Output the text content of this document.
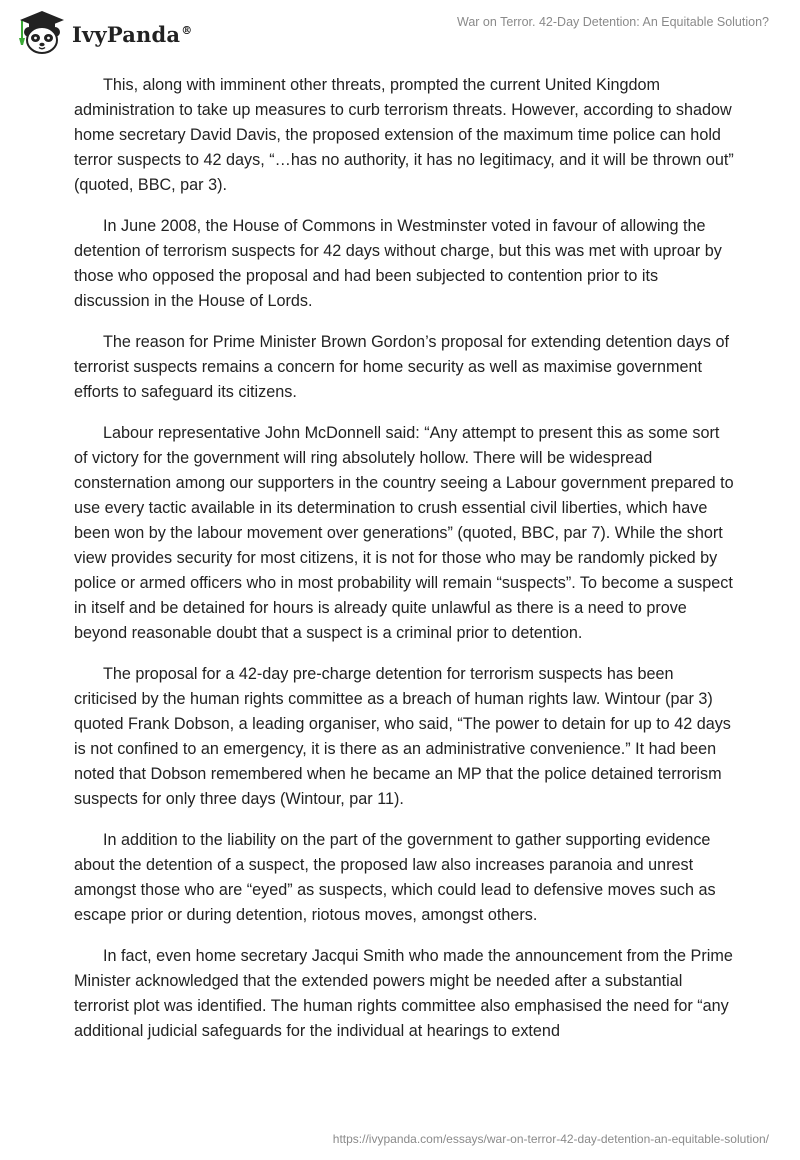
IvyPanda®
War on Terror. 42-Day Detention: An Equitable Solution?

This, along with imminent other threats, prompted the current United Kingdom administration to take up measures to curb terrorism threats. However, according to shadow home secretary David Davis, the proposed extension of the maximum time police can hold terror suspects to 42 days, “…has no authority, it has no legitimacy, and it will be thrown out” (quoted, BBC, par 3).

In June 2008, the House of Commons in Westminster voted in favour of allowing the detention of terrorism suspects for 42 days without charge, but this was met with uproar by those who opposed the proposal and had been subjected to contention prior to its discussion in the House of Lords.

The reason for Prime Minister Brown Gordon’s proposal for extending detention days of terrorist suspects remains a concern for home security as well as maximise government efforts to safeguard its citizens.

Labour representative John McDonnell said: “Any attempt to present this as some sort of victory for the government will ring absolutely hollow. There will be widespread consternation among our supporters in the country seeing a Labour government prepared to use every tactic available in its determination to crush essential civil liberties, which have been won by the labour movement over generations” (quoted, BBC, par 7). While the short view provides security for most citizens, it is not for those who may be randomly picked by police or armed officers who in most probability will remain “suspects”. To become a suspect in itself and be detained for hours is already quite unlawful as there is a need to prove beyond reasonable doubt that a suspect is a criminal prior to detention.

The proposal for a 42-day pre-charge detention for terrorism suspects has been criticised by the human rights committee as a breach of human rights law. Wintour (par 3) quoted Frank Dobson, a leading organiser, who said, “The power to detain for up to 42 days is not confined to an emergency, it is there as an administrative convenience.” It had been noted that Dobson remembered when he became an MP that the police detained terrorism suspects for only three days (Wintour, par 11).

In addition to the liability on the part of the government to gather supporting evidence about the detention of a suspect, the proposed law also increases paranoia and unrest amongst those who are “eyed” as suspects, which could lead to defensive moves such as escape prior or during detention, riotous moves, amongst others.

In fact, even home secretary Jacqui Smith who made the announcement from the Prime Minister acknowledged that the extended powers might be needed after a substantial terrorist plot was identified. The human rights committee also emphasised the need for “any additional judicial safeguards for the individual at hearings to extend

https://ivypanda.com/essays/war-on-terror-42-day-detention-an-equitable-solution/
